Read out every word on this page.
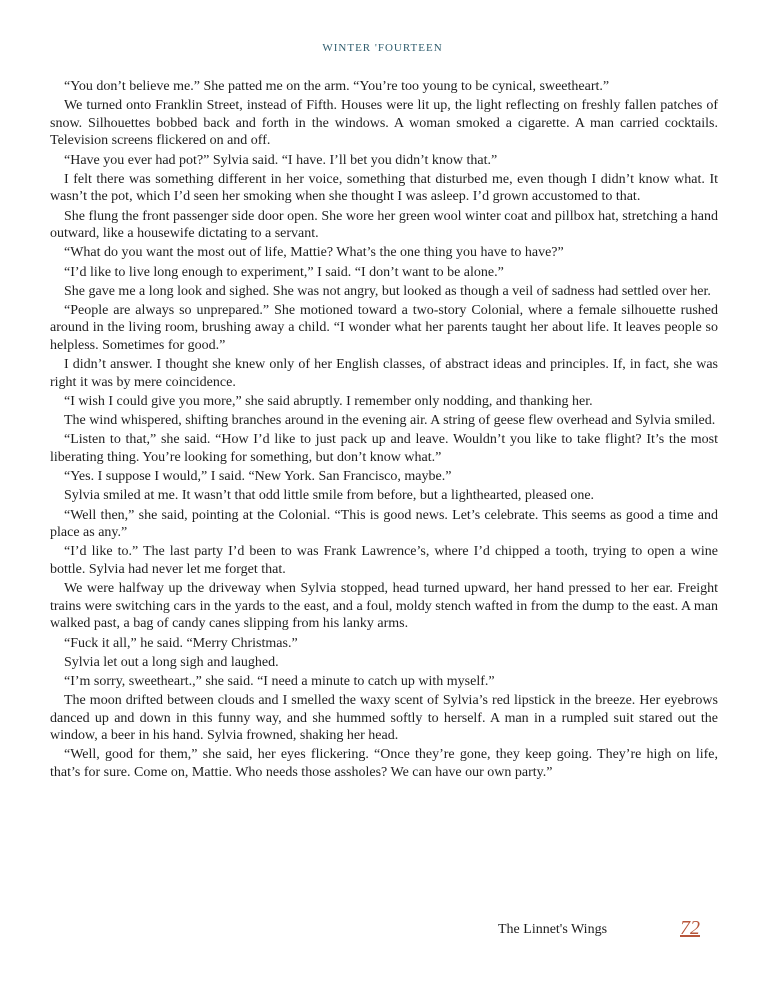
WINTER 'FOURTEEN

“You don’t believe me.” She patted me on the arm. “You’re too young to be cynical, sweetheart.”

We turned onto Franklin Street, instead of Fifth. Houses were lit up, the light reflecting on freshly fallen patches of snow. Silhouettes bobbed back and forth in the windows. A woman smoked a cigarette. A man carried cocktails. Television screens flickered on and off.

“Have you ever had pot?” Sylvia said. “I have. I’ll bet you didn’t know that.”

I felt there was something different in her voice, something that disturbed me, even though I didn’t know what. It wasn’t the pot, which I’d seen her smoking when she thought I was asleep. I’d grown accustomed to that.

She flung the front passenger side door open. She wore her green wool winter coat and pillbox hat, stretching a hand outward, like a housewife dictating to a servant.

“What do you want the most out of life, Mattie? What’s the one thing you have to have?”

“I’d like to live long enough to experiment,” I said. “I don’t want to be alone.”

She gave me a long look and sighed. She was not angry, but looked as though a veil of sadness had settled over her.

“People are always so unprepared.” She motioned toward a two-story Colonial, where a female silhouette rushed around in the living room, brushing away a child. “I wonder what her parents taught her about life. It leaves people so helpless. Sometimes for good.”

I didn’t answer. I thought she knew only of her English classes, of abstract ideas and principles. If, in fact, she was right it was by mere coincidence.

“I wish I could give you more,” she said abruptly. I remember only nodding, and thanking her.

The wind whispered, shifting branches around in the evening air. A string of geese flew overhead and Sylvia smiled.

“Listen to that,” she said. “How I’d like to just pack up and leave. Wouldn’t you like to take flight? It’s the most liberating thing. You’re looking for something, but don’t know what.”

“Yes. I suppose I would,” I said. “New York. San Francisco, maybe.”

Sylvia smiled at me. It wasn’t that odd little smile from before, but a lighthearted, pleased one.

“Well then,” she said, pointing at the Colonial. “This is good news. Let’s celebrate. This seems as good a time and place as any.”

“I’d like to.” The last party I’d been to was Frank Lawrence’s, where I’d chipped a tooth, trying to open a wine bottle. Sylvia had never let me forget that.

We were halfway up the driveway when Sylvia stopped, head turned upward, her hand pressed to her ear. Freight trains were switching cars in the yards to the east, and a foul, moldy stench wafted in from the dump to the east. A man walked past, a bag of candy canes slipping from his lanky arms.

“Fuck it all,” he said. “Merry Christmas.”

Sylvia let out a long sigh and laughed.

“I’m sorry, sweetheart.,” she said. “I need a minute to catch up with myself.”

The moon drifted between clouds and I smelled the waxy scent of Sylvia’s red lipstick in the breeze. Her eyebrows danced up and down in this funny way, and she hummed softly to herself. A man in a rumpled suit stared out the window, a beer in his hand. Sylvia frowned, shaking her head.

“Well, good for them,” she said, her eyes flickering. “Once they’re gone, they keep going. They’re high on life, that’s for sure. Come on, Mattie. Who needs those assholes? We can have our own party.”

The Linnet's Wings	72
